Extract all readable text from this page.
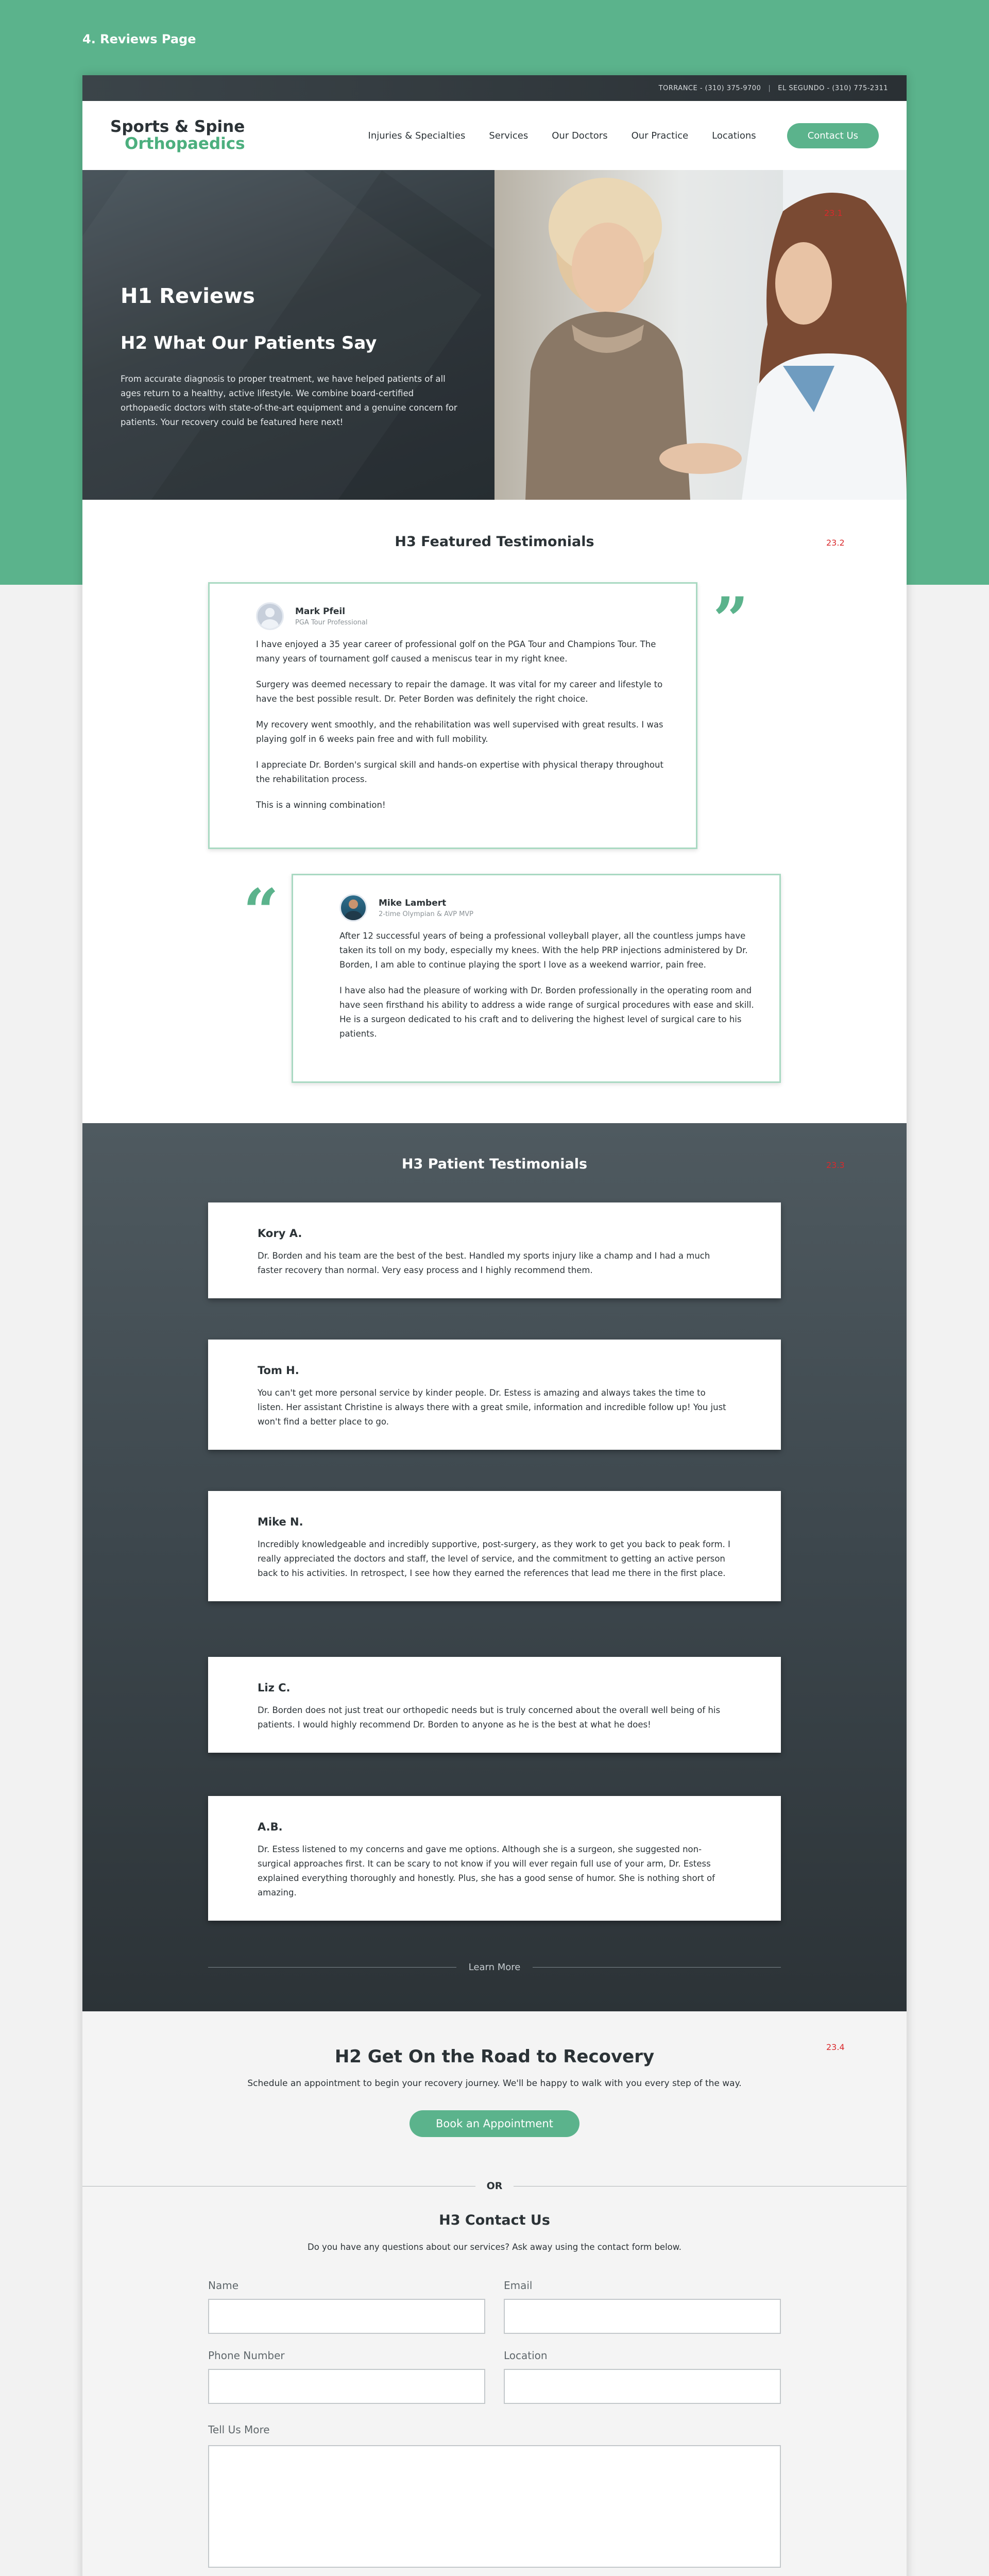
4. Reviews Page
TORRANCE - (310) 375-9700 | EL SEGUNDO - (310) 775-2311
Sports & Spine
Orthopaedics	Injuries & Specialties	Services	Our Doctors	Our Practice	Locations	Contact Us
H1 Reviews
H2 What Our Patients Say
From accurate diagnosis to proper treatment, we have helped patients of all ages return to a healthy, active lifestyle. We combine board-certified orthopaedic doctors with state-of-the-art equipment and a genuine concern for patients. Your recovery could be featured here next!
23.1
H3 Featured Testimonials	23.2
Mark Pfeil
PGA Tour Professional
I have enjoyed a 35 year career of professional golf on the PGA Tour and Champions Tour. The many years of tournament golf caused a meniscus tear in my right knee.
Surgery was deemed necessary to repair the damage. It was vital for my career and lifestyle to have the best possible result. Dr. Peter Borden was definitely the right choice.
My recovery went smoothly, and the rehabilitation was well supervised with great results. I was playing golf in 6 weeks pain free and with full mobility.
I appreciate Dr. Borden's surgical skill and hands-on expertise with physical therapy throughout the rehabilitation process.
This is a winning combination!
”
“	Mike Lambert
2-time Olympian & AVP MVP
After 12 successful years of being a professional volleyball player, all the countless jumps have taken its toll on my body, especially my knees. With the help PRP injections administered by Dr. Borden, I am able to continue playing the sport I love as a weekend warrior, pain free.
I have also had the pleasure of working with Dr. Borden professionally in the operating room and have seen firsthand his ability to address a wide range of surgical procedures with ease and skill. He is a surgeon dedicated to his craft and to delivering the highest level of surgical care to his patients.
H3 Patient Testimonials	23.3
Kory A.
Dr. Borden and his team are the best of the best. Handled my sports injury like a champ and I had a much faster recovery than normal. Very easy process and I highly recommend them.
Tom H.
You can't get more personal service by kinder people. Dr. Estess is amazing and always takes the time to listen. Her assistant Christine is always there with a great smile, information and incredible follow up! You just won't find a better place to go.
Mike N.
Incredibly knowledgeable and incredibly supportive, post-surgery, as they work to get you back to peak form. I really appreciated the doctors and staff, the level of service, and the commitment to getting an active person back to his activities. In retrospect, I see how they earned the references that lead me there in the first place.
Liz C.
Dr. Borden does not just treat our orthopedic needs but is truly concerned about the overall well being of his patients. I would highly recommend Dr. Borden to anyone as he is the best at what he does!
A.B.
Dr. Estess listened to my concerns and gave me options. Although she is a surgeon, she suggested non-surgical approaches first. It can be scary to not know if you will ever regain full use of your arm, Dr. Estess explained everything thoroughly and honestly. Plus, she has a good sense of humor. She is nothing short of amazing.
Learn More
H2 Get On the Road to Recovery	23.4
Schedule an appointment to begin your recovery journey. We'll be happy to walk with you every step of the way.
Book an Appointment
OR
H3 Contact Us
Do you have any questions about our services? Ask away using the contact form below.
Name	Email
Phone Number	Location
Tell Us More
